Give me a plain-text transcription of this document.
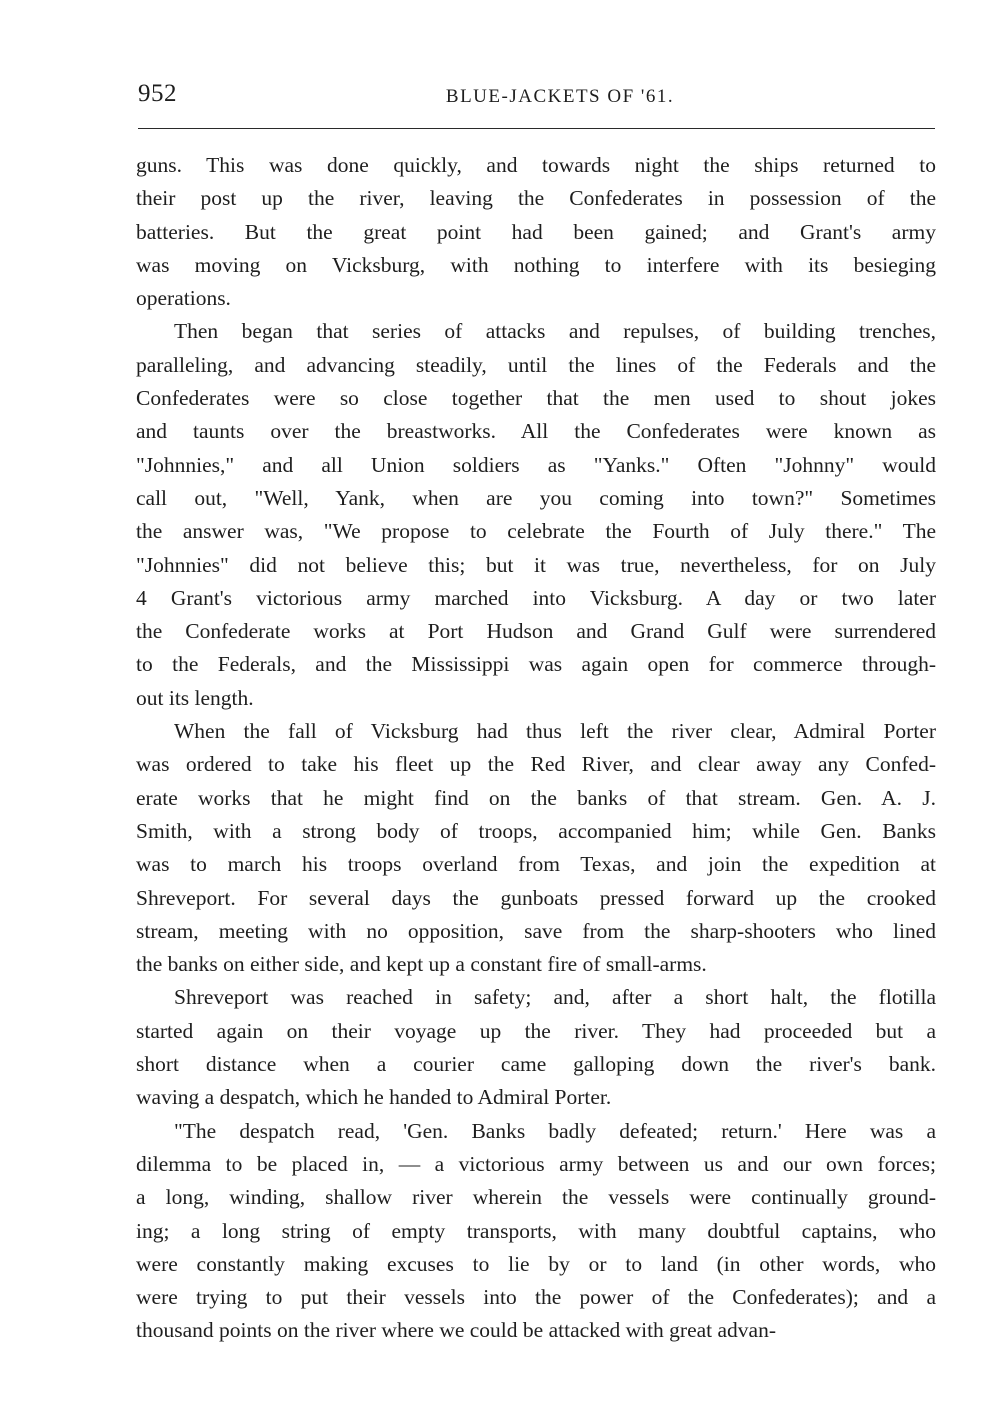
952	BLUE-JACKETS OF '61.

guns. This was done quickly, and towards night the ships returned to
their post up the river, leaving the Confederates in possession of the
batteries. But the great point had been gained; and Grant's army
was moving on Vicksburg, with nothing to interfere with its besieging
operations.

Then began that series of attacks and repulses, of building trenches,
paralleling, and advancing steadily, until the lines of the Federals and the
Confederates were so close together that the men used to shout jokes
and taunts over the breastworks. All the Confederates were known as
"Johnnies," and all Union soldiers as "Yanks." Often "Johnny" would
call out, "Well, Yank, when are you coming into town?" Sometimes
the answer was, "We propose to celebrate the Fourth of July there." The
"Johnnies" did not believe this; but it was true, nevertheless, for on July
4 Grant's victorious army marched into Vicksburg. A day or two later
the Confederate works at Port Hudson and Grand Gulf were surrendered
to the Federals, and the Mississippi was again open for commerce through-
out its length.

When the fall of Vicksburg had thus left the river clear, Admiral Porter
was ordered to take his fleet up the Red River, and clear away any Confed-
erate works that he might find on the banks of that stream. Gen. A. J.
Smith, with a strong body of troops, accompanied him; while Gen. Banks
was to march his troops overland from Texas, and join the expedition at
Shreveport. For several days the gunboats pressed forward up the crooked
stream, meeting with no opposition, save from the sharp-shooters who lined
the banks on either side, and kept up a constant fire of small-arms.

Shreveport was reached in safety; and, after a short halt, the flotilla
started again on their voyage up the river. They had proceeded but a
short distance when a courier came galloping down the river's bank.
waving a despatch, which he handed to Admiral Porter.

"The despatch read, 'Gen. Banks badly defeated; return.' Here was a
dilemma to be placed in, — a victorious army between us and our own forces;
a long, winding, shallow river wherein the vessels were continually ground-
ing; a long string of empty transports, with many doubtful captains, who
were constantly making excuses to lie by or to land (in other words, who
were trying to put their vessels into the power of the Confederates); and a
thousand points on the river where we could be attacked with great advan-
